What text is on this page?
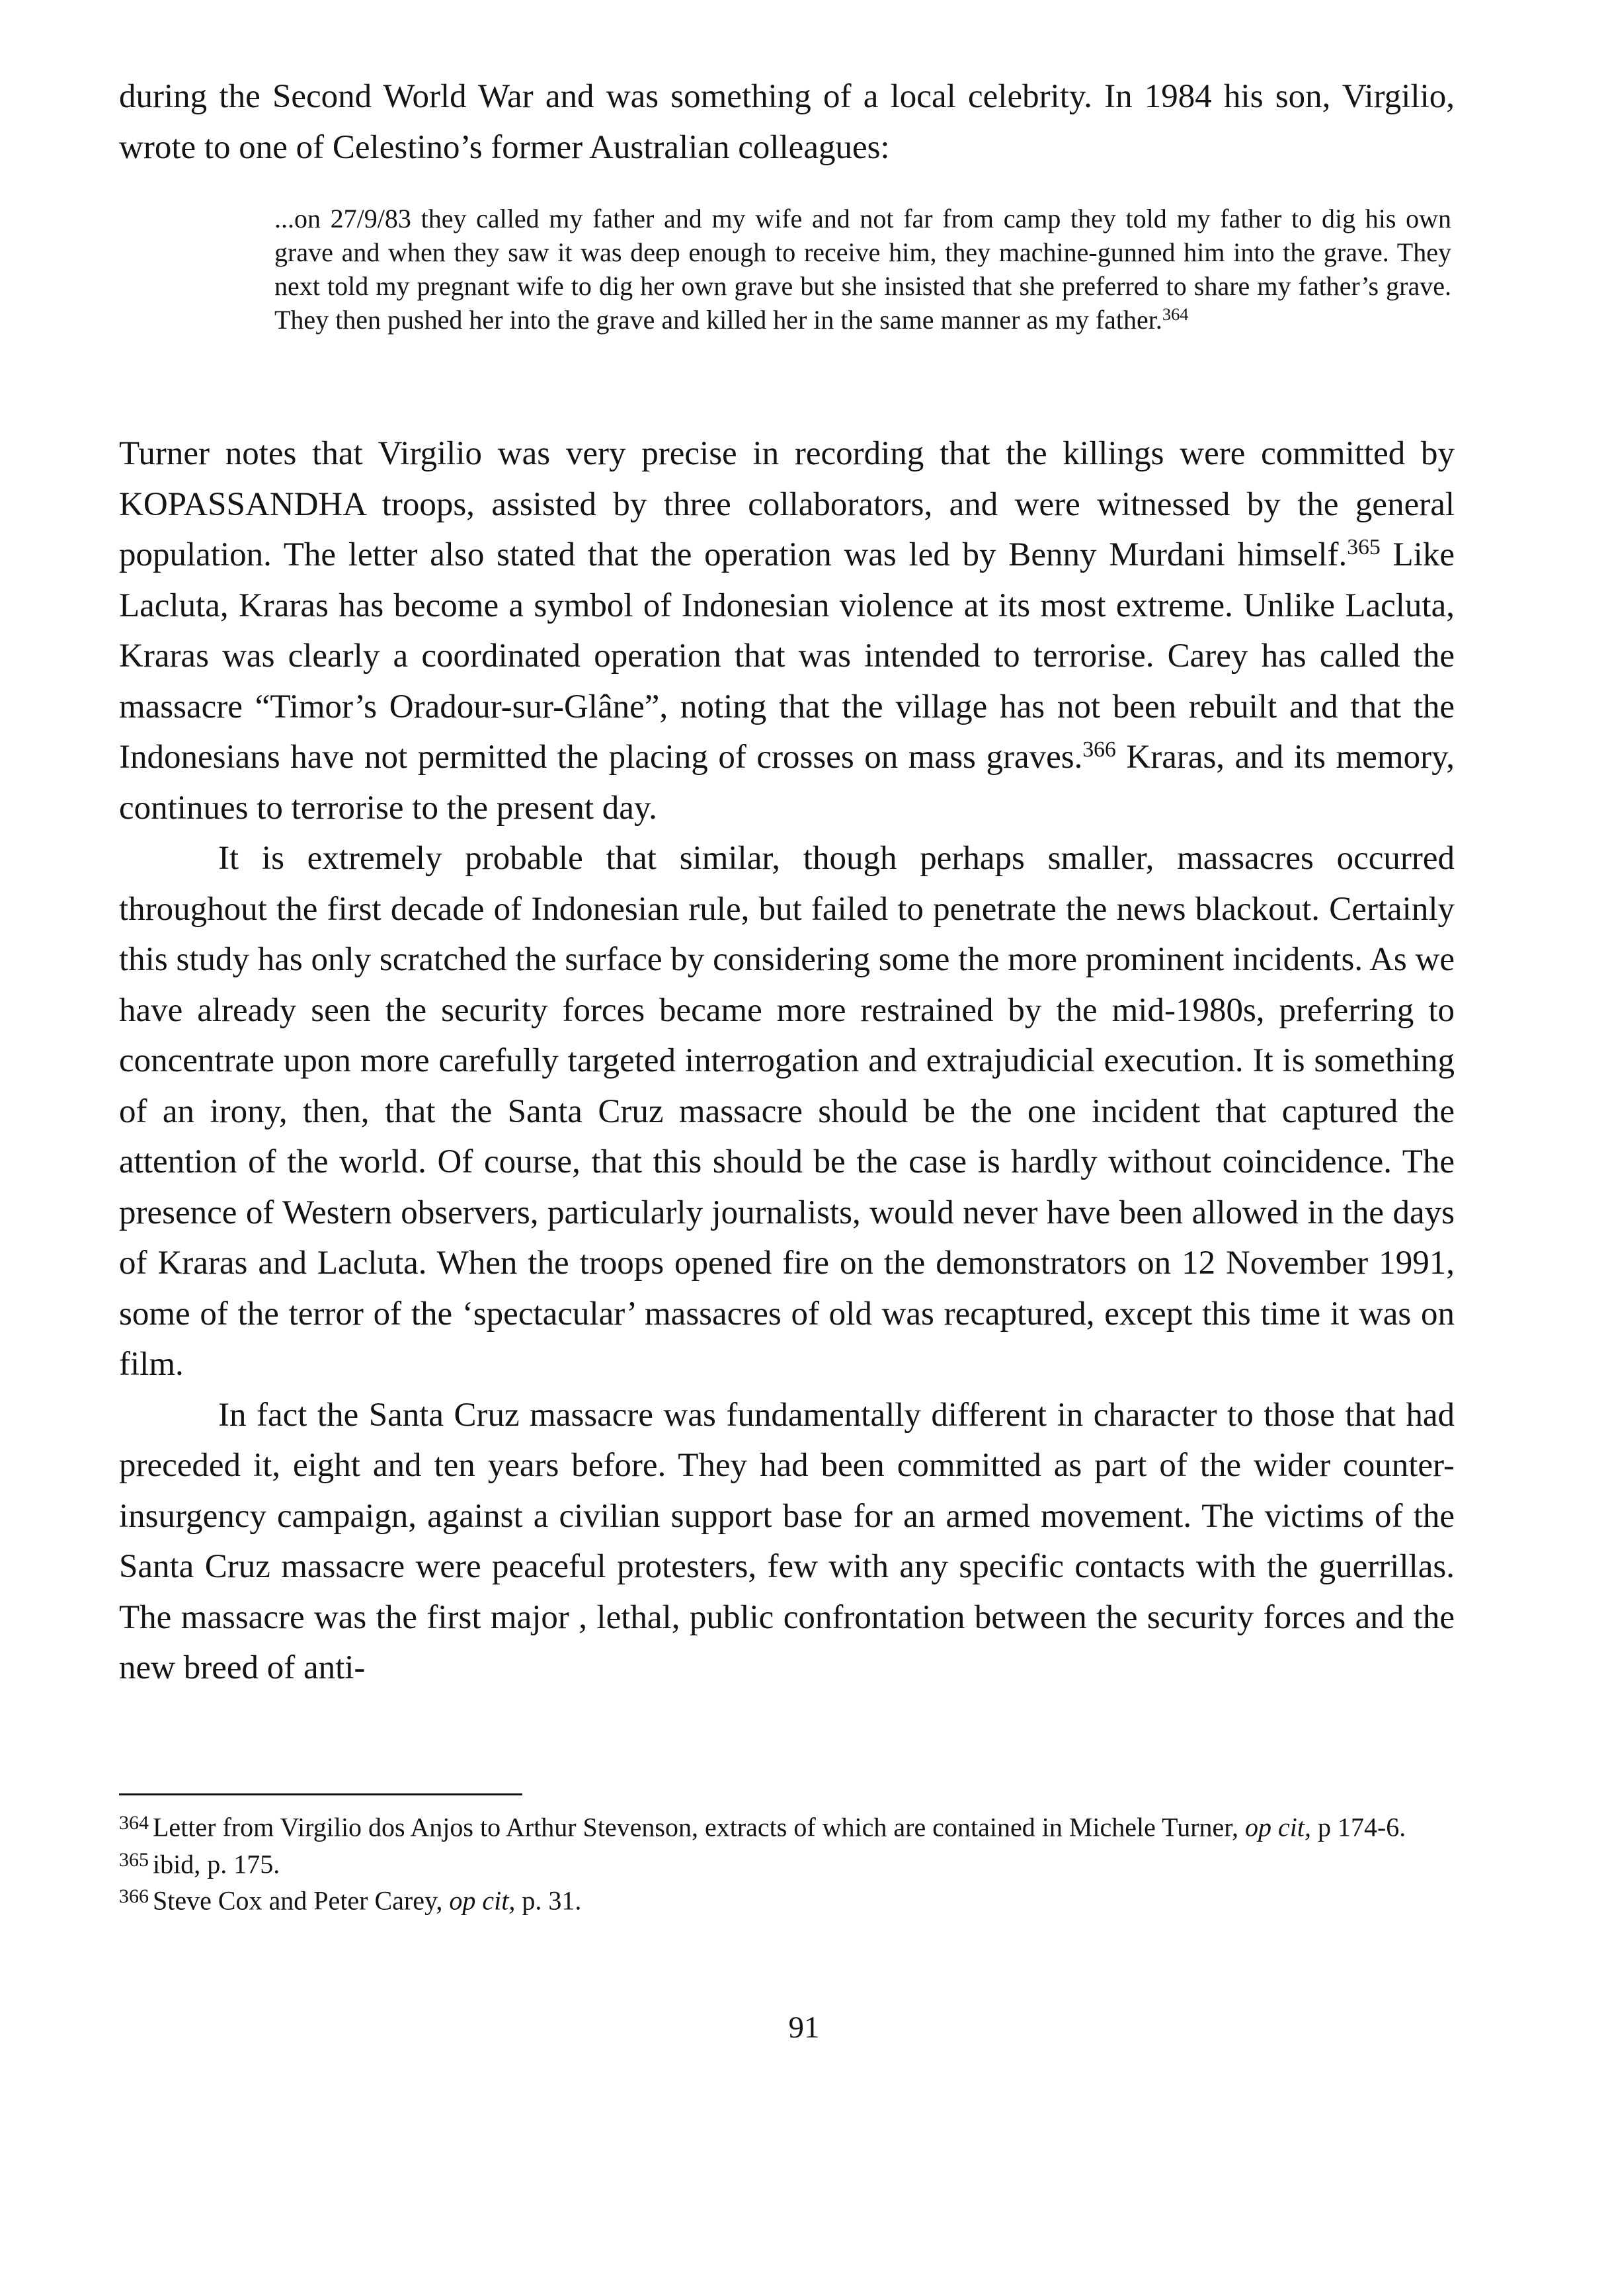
during the Second World War and was something of a local celebrity. In 1984 his son, Virgilio, wrote to one of Celestino’s former Australian colleagues:

...on 27/9/83 they called my father and my wife and not far from camp they told my father to dig his own grave and when they saw it was deep enough to receive him, they machine-gunned him into the grave. They next told my pregnant wife to dig her own grave but she insisted that she preferred to share my father’s grave. They then pushed her into the grave and killed her in the same manner as my father.$^{364}$

Turner notes that Virgilio was very precise in recording that the killings were committed by KOPASSANDHA troops, assisted by three collaborators, and were witnessed by the general population. The letter also stated that the operation was led by Benny Murdani himself.$^{365}$ Like Lacluta, Kraras has become a symbol of Indonesian violence at its most extreme. Unlike Lacluta, Kraras was clearly a coordinated operation that was intended to terrorise. Carey has called the massacre “Timor’s Oradour-sur-Glâne”, noting that the village has not been rebuilt and that the Indonesians have not permitted the placing of crosses on mass graves.$^{366}$ Kraras, and its memory, continues to terrorise to the present day.

It is extremely probable that similar, though perhaps smaller, massacres occurred throughout the first decade of Indonesian rule, but failed to penetrate the news blackout. Certainly this study has only scratched the surface by considering some the more prominent incidents. As we have already seen the security forces became more restrained by the mid-1980s, preferring to concentrate upon more carefully targeted interrogation and extrajudicial execution. It is something of an irony, then, that the Santa Cruz massacre should be the one incident that captured the attention of the world. Of course, that this should be the case is hardly without coincidence. The presence of Western observers, particularly journalists, would never have been allowed in the days of Kraras and Lacluta. When the troops opened fire on the demonstrators on 12 November 1991, some of the terror of the ‘spectacular’ massacres of old was recaptured, except this time it was on film.

In fact the Santa Cruz massacre was fundamentally different in character to those that had preceded it, eight and ten years before. They had been committed as part of the wider counter-insurgency campaign, against a civilian support base for an armed movement. The victims of the Santa Cruz massacre were peaceful protesters, few with any specific contacts with the guerrillas. The massacre was the first major , lethal, public confrontation between the security forces and the new breed of anti-

$^{364}$ Letter from Virgilio dos Anjos to Arthur Stevenson, extracts of which are contained in Michele Turner, op cit, p 174-6.

$^{365}$ ibid, p. 175.

$^{366}$ Steve Cox and Peter Carey, op cit, p. 31.

91
